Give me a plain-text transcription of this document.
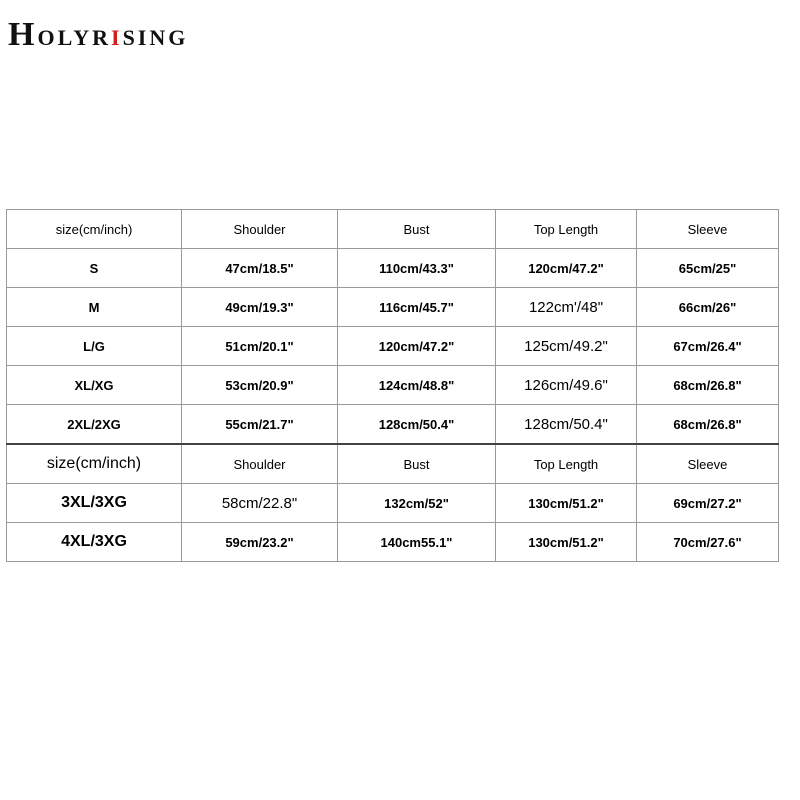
HOLYRISING
size(cm/inch)	Shoulder	Bust	Top Length	Sleeve
S	47cm/18.5"	110cm/43.3"	120cm/47.2"	65cm/25"
M	49cm/19.3"	116cm/45.7"	122cm'/48"	66cm/26"
L/G	51cm/20.1"	120cm/47.2"	125cm/49.2"	67cm/26.4"
XL/XG	53cm/20.9"	124cm/48.8"	126cm/49.6"	68cm/26.8"
2XL/2XG	55cm/21.7"	128cm/50.4"	128cm/50.4"	68cm/26.8"
size(cm/inch)	Shoulder	Bust	Top Length	Sleeve
3XL/3XG	58cm/22.8"	132cm/52"	130cm/51.2"	69cm/27.2"
4XL/3XG	59cm/23.2"	140cm55.1"	130cm/51.2"	70cm/27.6"
